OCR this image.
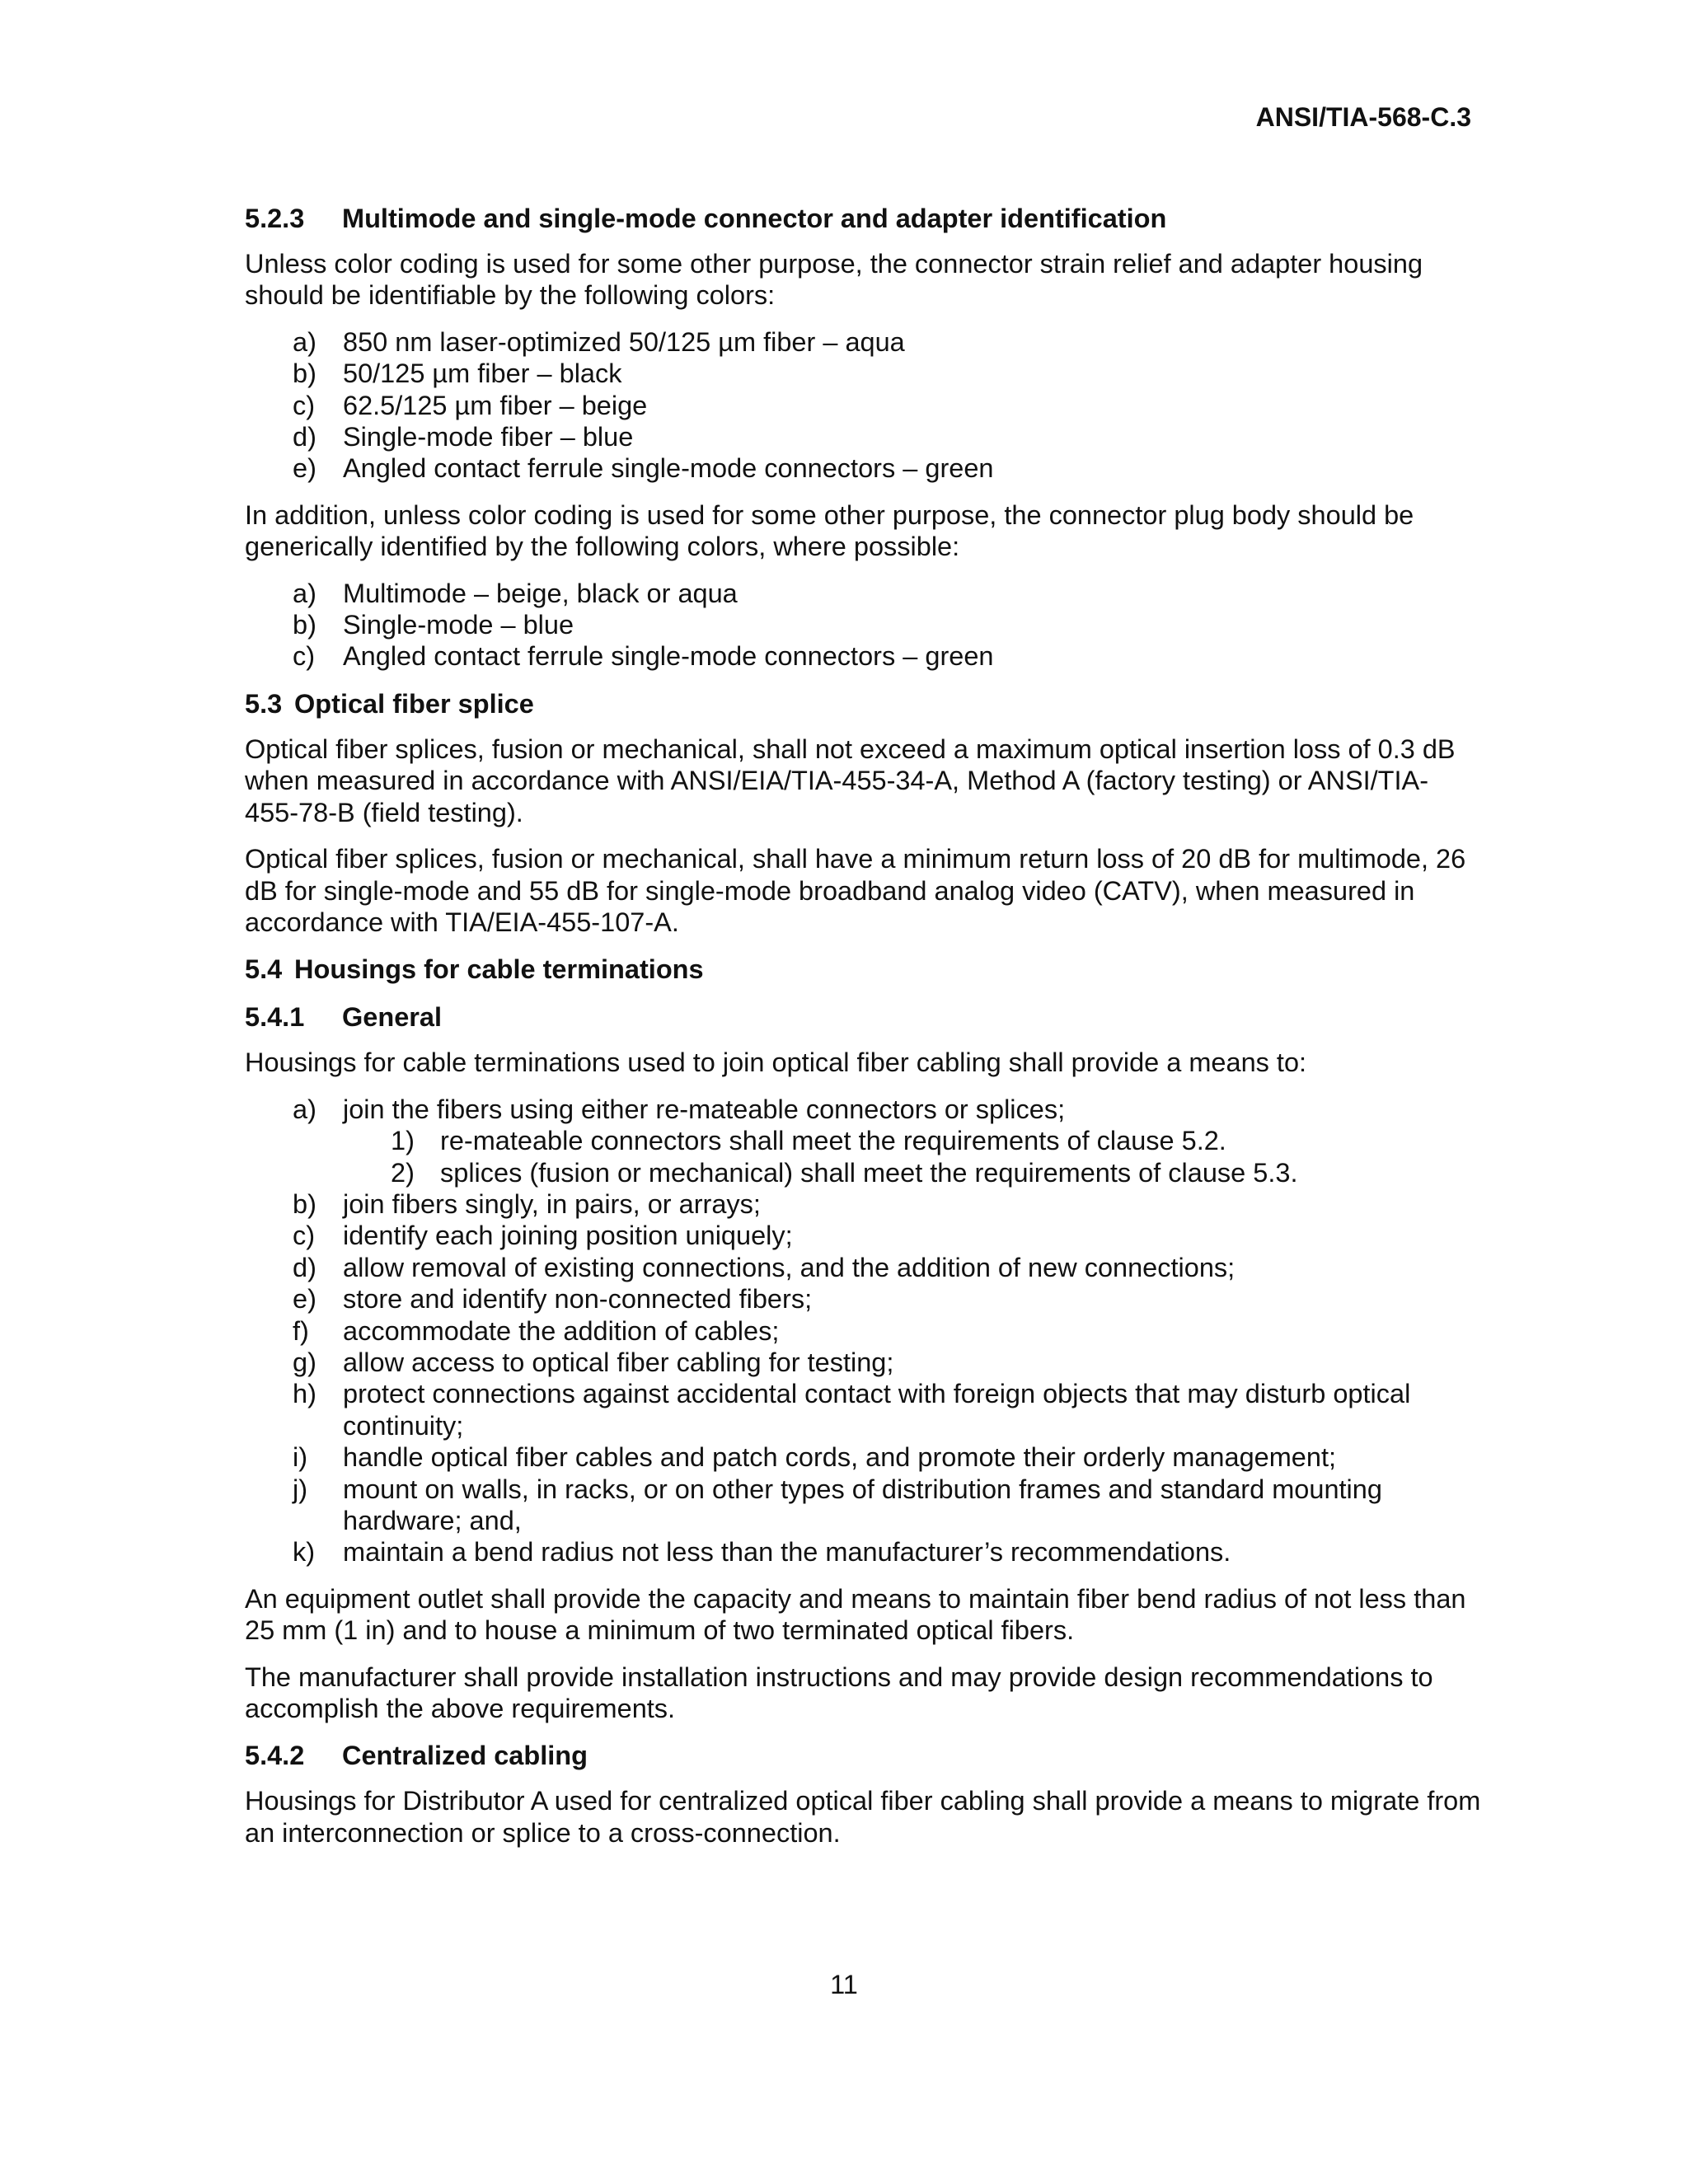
ANSI/TIA-568-C.3
5.2.3 Multimode and single-mode connector and adapter identification

Unless color coding is used for some other purpose, the connector strain relief and adapter housing should be identifiable by the following colors:

a) 850 nm laser-optimized 50/125 µm fiber – aqua
b) 50/125 µm fiber – black
c)	62.5/125 µm fiber – beige
d) Single-mode fiber – blue
e) Angled contact ferrule single-mode connectors – green

In addition, unless color coding is used for some other purpose, the connector plug body should be generically identified by the following colors, where possible:

a) Multimode – beige, black or aqua
b) Single-mode – blue
c)	Angled contact ferrule single-mode connectors – green
5.3 Optical fiber splice

Optical fiber splices, fusion or mechanical, shall not exceed a maximum optical insertion loss of 0.3 dB when measured in accordance with ANSI/EIA/TIA-455-34-A, Method A (factory testing) or ANSI/TIA-455-78-B (field testing).

Optical fiber splices, fusion or mechanical, shall have a minimum return loss of 20 dB for multimode, 26 dB for single-mode and 55 dB for single-mode broadband analog video (CATV), when measured in accordance with TIA/EIA-455-107-A.

5.4 Housings for cable terminations
5.4.1 General

Housings for cable terminations used to join optical fiber cabling shall provide a means to:

a) join the fibers using either re-mateable connectors or splices;
1) re-mateable connectors shall meet the requirements of clause 5.2.
2) splices (fusion or mechanical) shall meet the requirements of clause 5.3.
b) join fibers singly, in pairs, or arrays;
c)	identify each joining position uniquely;
d) allow removal of existing connections, and the addition of new connections;
e) store and identify non-connected fibers;
f)	accommodate the addition of cables;
g) allow access to optical fiber cabling for testing;
h) protect connections against accidental contact with foreign objects that may disturb optical continuity;
i)	handle optical fiber cables and patch cords, and promote their orderly management;
j)	mount on walls, in racks, or on other types of distribution frames and standard mounting hardware; and,
k)	maintain a bend radius not less than the manufacturer’s recommendations.

An equipment outlet shall provide the capacity and means to maintain fiber bend radius of not less than 25 mm (1 in) and to house a minimum of two terminated optical fibers.

The manufacturer shall provide installation instructions and may provide design recommendations to accomplish the above requirements.

5.4.2 Centralized cabling

Housings for Distributor A used for centralized optical fiber cabling shall provide a means to migrate from an interconnection or splice to a cross-connection.

11
